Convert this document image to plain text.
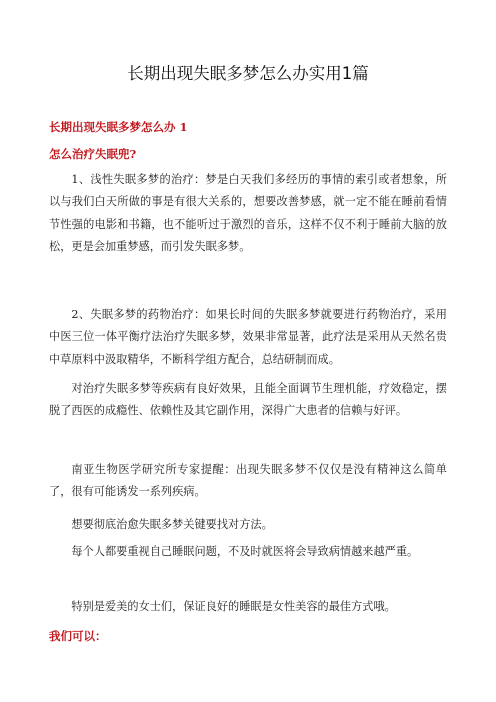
长期出现失眠多梦怎么办实用1篇
长期出现失眠多梦怎么办 1
怎么治疗失眠兜?

1、浅性失眠多梦的治疗：梦是白天我们多经历的事情的索引或者想象，所以与我们白天所做的事是有很大关系的，想要改善梦感，就一定不能在睡前看情节性强的电影和书籍，也不能听过于激烈的音乐，这样不仅不利于睡前大脑的放松，更是会加重梦感，而引发失眠多梦。

2、失眠多梦的药物治疗：如果长时间的失眠多梦就要进行药物治疗，采用中医三位一体平衡疗法治疗失眠多梦，效果非常显著，此疗法是采用从天然名贵中草原料中汲取精华，不断科学组方配合，总结研制而成。

对治疗失眠多梦等疾病有良好效果，且能全面调节生理机能，疗效稳定，摆脱了西医的成瘾性、依赖性及其它副作用，深得广大患者的信赖与好评。

南亚生物医学研究所专家提醒：出现失眠多梦不仅仅是没有精神这么简单了，很有可能诱发一系列疾病。

想要彻底治愈失眠多梦关键要找对方法。

每个人都要重视自己睡眠问题，不及时就医将会导致病情越来越严重。

特别是爱美的女士们，保证良好的睡眠是女性美容的最佳方式哦。

我们可以：
